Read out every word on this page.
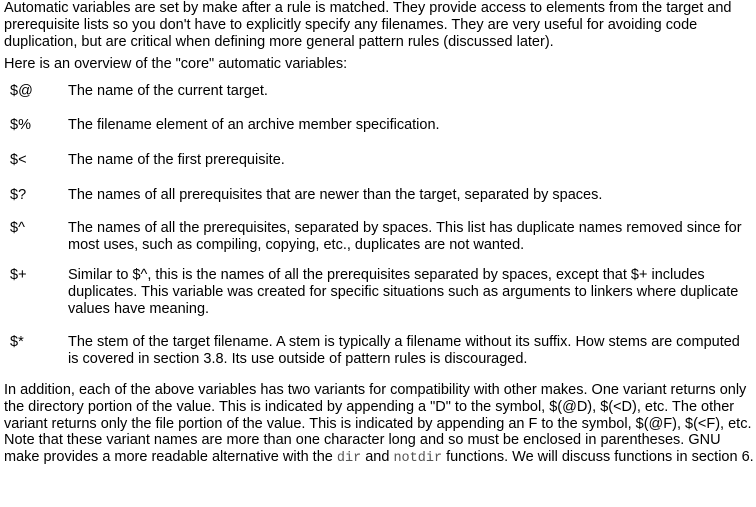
Automatic variables are set by make after a rule is matched. They provide access to elements from the target and prerequisite lists so you don't have to explicitly specify any filenames. They are very useful for avoiding code duplication, but are critical when defining more general pattern rules (discussed later).

Here is an overview of the "core" automatic variables:

$@	The name of the current target.
$%	The filename element of an archive member specification.
$<	The name of the first prerequisite.
$?	The names of all prerequisites that are newer than the target, separated by spaces.
$^	The names of all the prerequisites, separated by spaces. This list has duplicate names removed since for most uses, such as compiling, copying, etc., duplicates are not wanted.
$+	Similar to $^, this is the names of all the prerequisites separated by spaces, except that $+ includes duplicates. This variable was created for specific situations such as arguments to linkers where duplicate values have meaning.
$*	The stem of the target filename. A stem is typically a filename without its suffix. How stems are computed is covered in section 3.8. Its use outside of pattern rules is discouraged.

In addition, each of the above variables has two variants for compatibility with other makes. One variant returns only the directory portion of the value. This is indicated by appending a "D" to the symbol, $(@D), $(<D), etc. The other variant returns only the file portion of the value. This is indicated by appending an F to the symbol, $(@F), $(<F), etc. Note that these variant names are more than one character long and so must be enclosed in parentheses. GNU make provides a more readable alternative with the dir and notdir functions. We will discuss functions in section 6.
